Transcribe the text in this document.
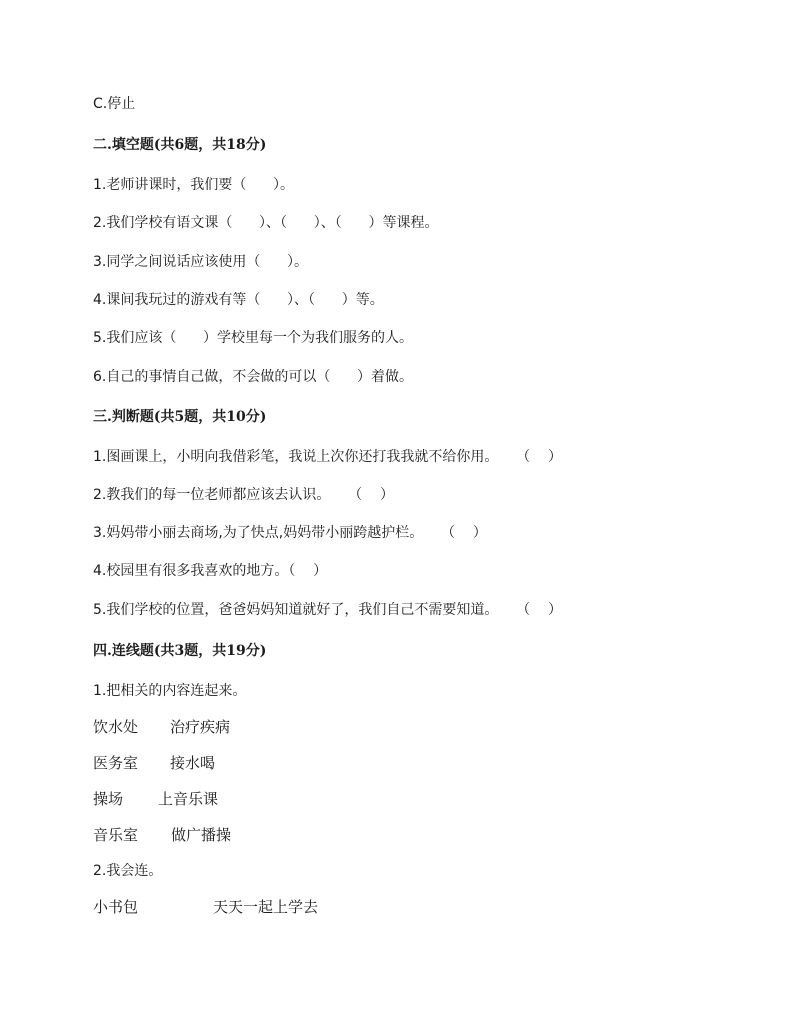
C.停止
二.填空题(共6题，共18分)
1.老师讲课时，我们要（      ）。
2.我们学校有语文课（      ）、（      ）、（      ）等课程。
3.同学之间说话应该使用（      ）。
4.课间我玩过的游戏有等（      ）、（      ）等。
5.我们应该（      ）学校里每一个为我们服务的人。
6.自己的事情自己做，不会做的可以（      ）着做。
三.判断题(共5题，共10分)
1.图画课上，小明向我借彩笔，我说上次你还打我我就不给你用。    （    ）
2.教我们的每一位老师都应该去认识。    （    ）
3.妈妈带小丽去商场,为了快点,妈妈带小丽跨越护栏。    （    ）
4.校园里有很多我喜欢的地方。（    ）
5.我们学校的位置，爸爸妈妈知道就好了，我们自己不需要知道。    （    ）
四.连线题(共3题，共19分)
1.把相关的内容连起来。
饮水处 治疗疾病
医务室 接水喝
操场 上音乐课
音乐室 做广播操
2.我会连。
小书包	天天一起上学去
